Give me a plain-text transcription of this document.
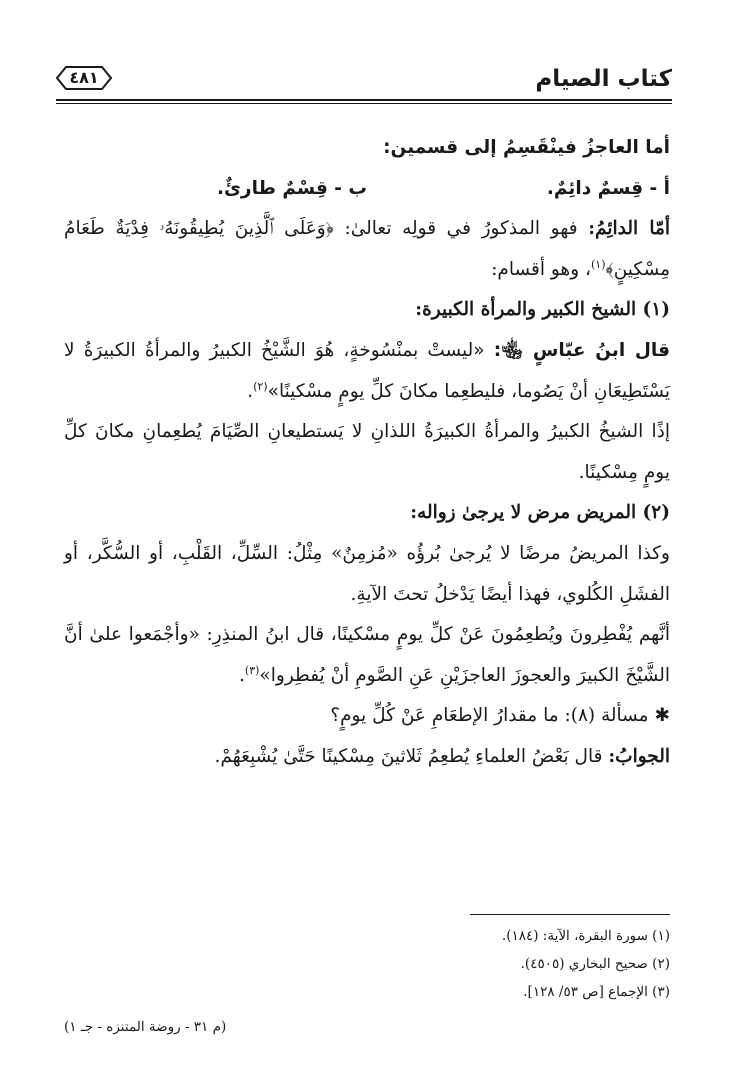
كتاب الصيام
٤٨١

أما العاجزُ فينْقَسِمُ إلى قسمين:

أ - قِسمٌ دائِمٌ.
ب - قِسْمٌ طارئٌ.

أمّا الدائِمُ: فهو المذكورُ في قولِه تعالىٰ: ﴿وَعَلَى ٱلَّذِينَ يُطِيقُونَهُۥ فِدْيَةٌ طَعَامُ مِسْكِينٍ﴾$^{(١)}$، وهو أقسام:

(١) الشيخ الكبير والمرأة الكبيرة:

قال ابنُ عبّاسٍ ﵄: «ليستْ بمنْسُوخةٍ، هُوَ الشَّيْخُ الكبيرُ والمرأةُ الكبيرَةُ لا يَسْتَطِيعَانِ أنْ يَصُوما، فليطعِما مكانَ كلِّ يومٍ مسْكينًا»$^{(٢)}$.

إذًا الشيخُ الكبيرُ والمرأةُ الكبيرَةُ اللذانِ لا يَستطيعانِ الصِّيَامَ يُطعِمانِ مكانَ كلِّ يومٍ مِسْكينًا.

(٢) المريض مرض لا يرجىٰ زواله:

وكذا المريضُ مرضًا لا يُرجىٰ بُرؤُه «مُزمِنٌ» مِثْلُ: السِّلِّ، القَلْبِ، أو السُّكَّر، أو الفشَلِ الكُلوي، فهذا أيضًا يَدْخلُ تحتَ الآيةِ.

أنَّهم يُفْطِرونَ ويُطعِمُونَ عَنْ كلِّ يومٍ مسْكينًا، قال ابنُ المنذِرِ: «وأجْمَعوا علىٰ أنَّ الشَّيْخَ الكبيرَ والعجوزَ العاجزَيْنِ عَنِ الصَّومِ أنْ يُفطِروا»$^{(٣)}$.

✱ مسألة (٨): ما مقدارُ الإطعَامِ عَنْ كُلِّ يومٍ؟

الجوابُ: قال بَعْضُ العلماءِ يُطعِمُ ثَلاثينَ مِسْكينًا حَتَّىٰ يُشْبِعَهُمْ.

(١) سورة البقرة، الآية: (١٨٤).

(٢) صحيح البخاري (٤٥٠٥).

(٣) الإجماع [ص ٥٣/ ١٢٨].

(م ٣١ - روضة المتنزه - جـ ١)
